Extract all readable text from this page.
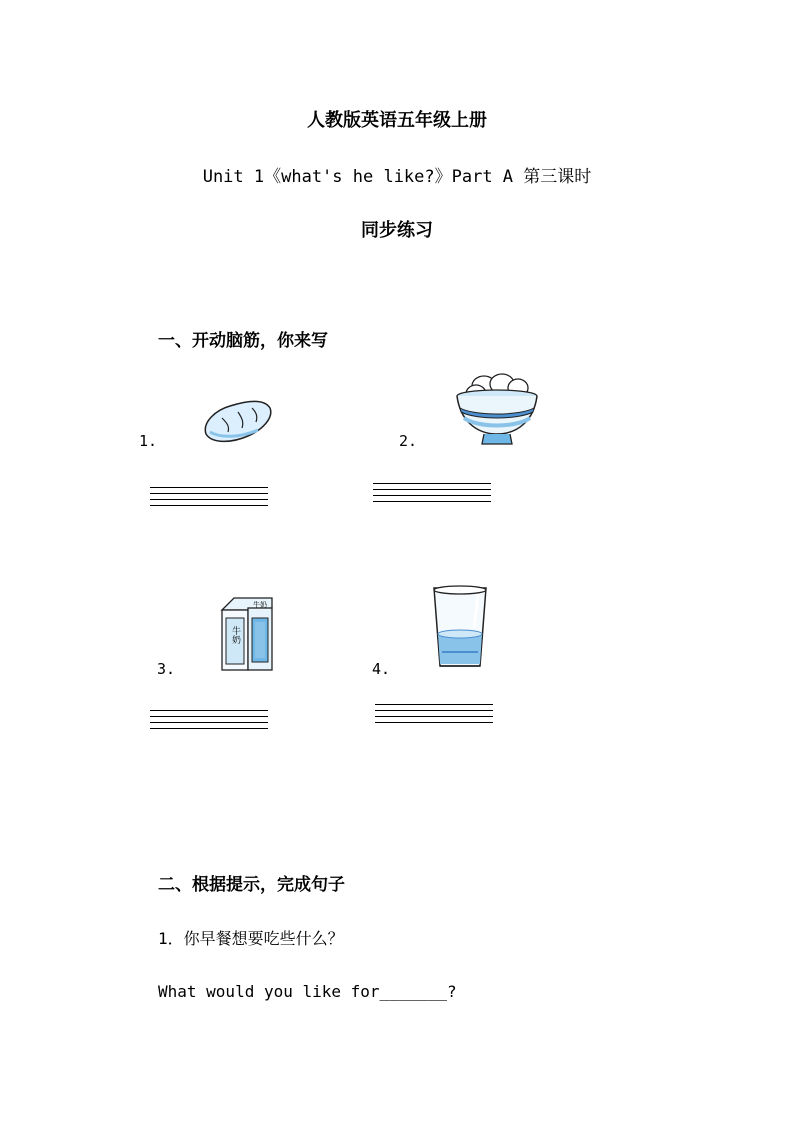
人教版英语五年级上册
Unit 1《what's he like?》Part A 第三课时
同步练习
一、开动脑筋，你来写
1.	2.
3.
牛奶
牛奶
4.
二、根据提示，完成句子
1．你早餐想要吃些什么？
What would you like for_______?
